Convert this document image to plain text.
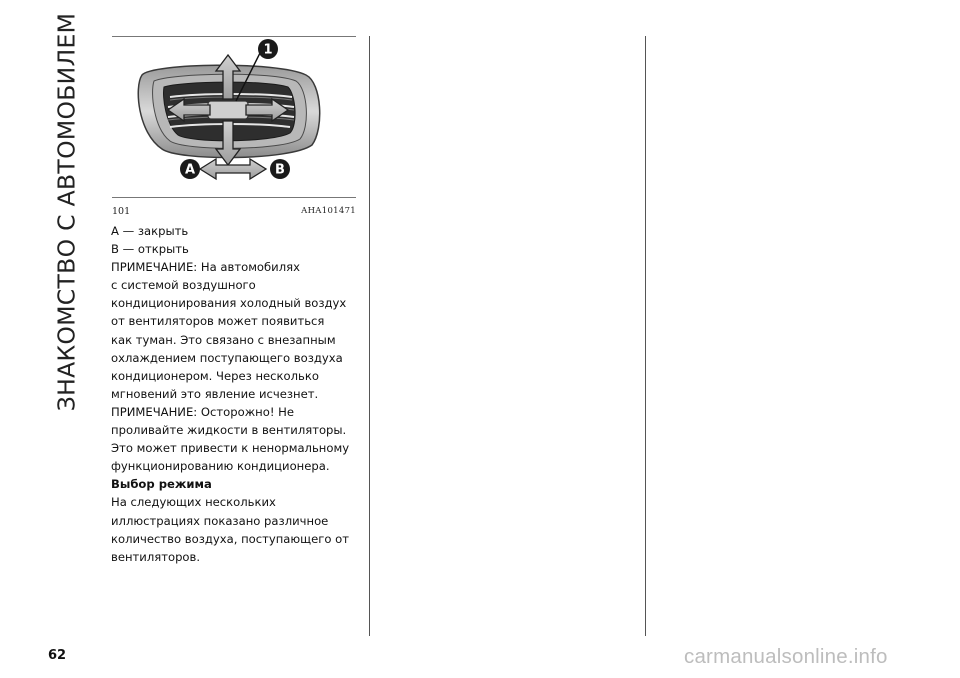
ЗНАКОМСТВО С АВТОМОБИЛЕМ	1
A	B
101	AHA101471
А — закрыть
В — открыть
ПРИМЕЧАНИЕ: На автомобилях
с системой воздушного
кондиционирования холодный воздух
от вентиляторов может появиться
как туман. Это связано с внезапным
охлаждением поступающего воздуха
кондиционером. Через несколько
мгновений это явление исчезнет.
ПРИМЕЧАНИЕ: Осторожно! Не
проливайте жидкости в вентиляторы.
Это может привести к ненормальному
функционированию кондиционера.
Выбор режима
На следующих нескольких
иллюстрациях показано различное
количество воздуха, поступающего от
вентиляторов.
62	carmanualsonline.info
